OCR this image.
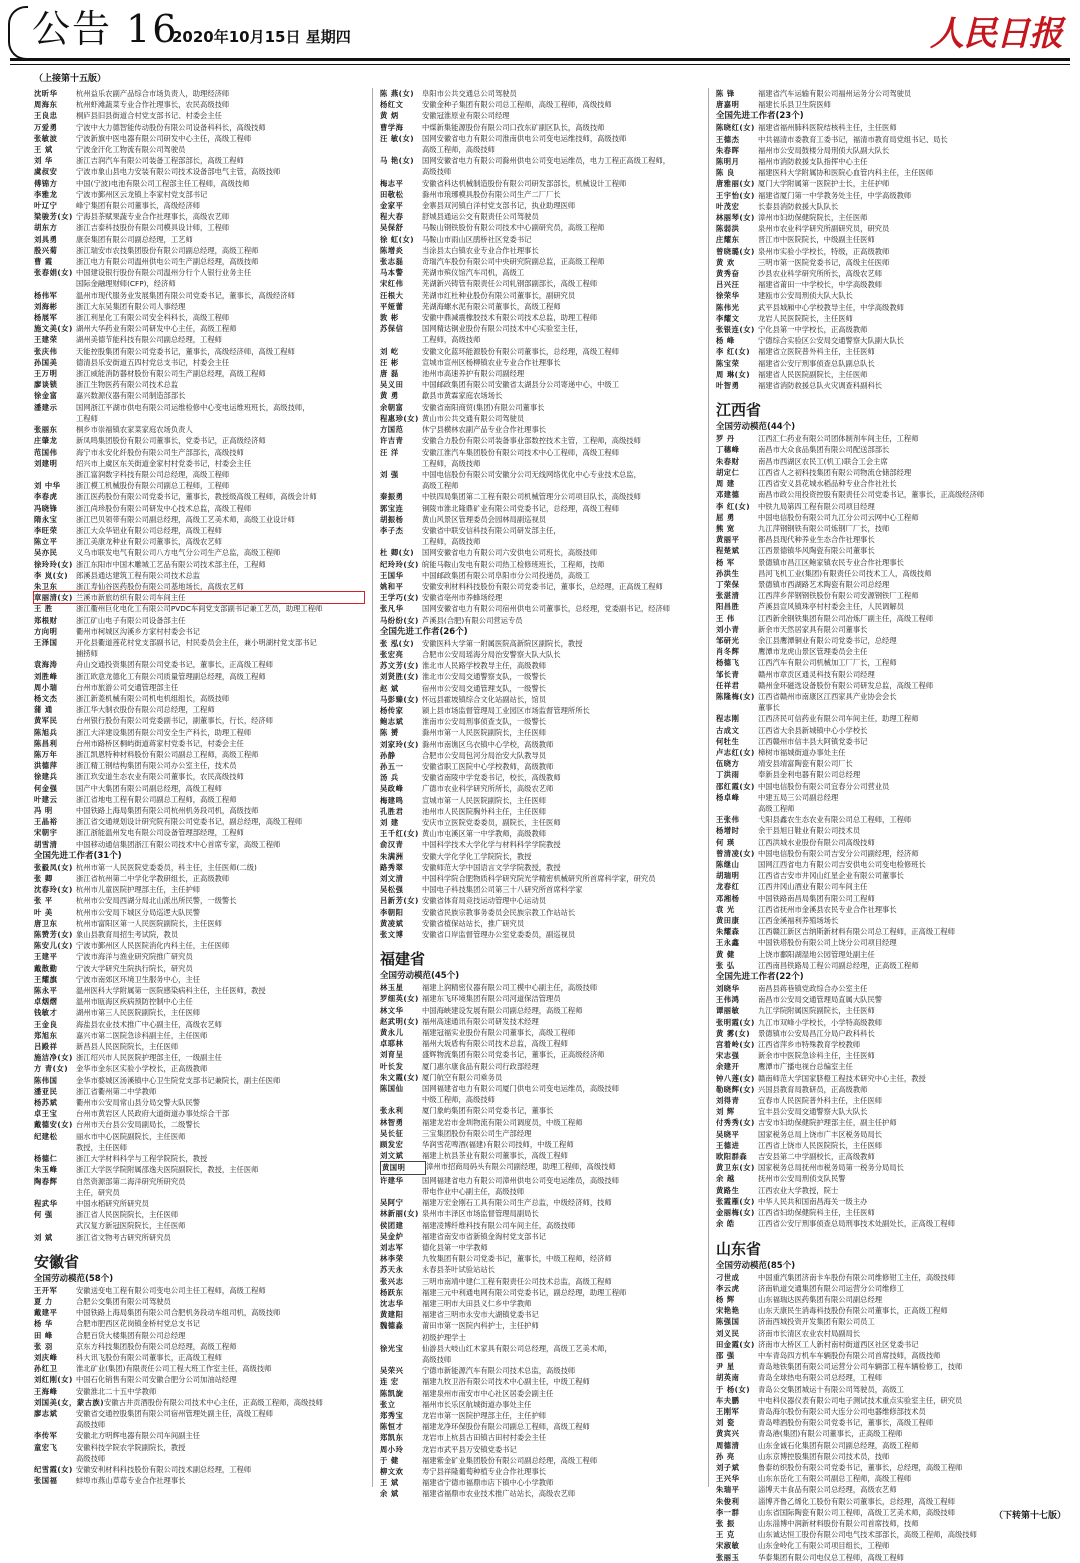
公告 16
2020年10月15日 星期四	人民日报
（上接第十五版）
沈昕华	杭州益乐农副产品综合市场负责人，助理经济师
周海东	杭州虾滩蔬菜专业合作社理事长，农民高级技师
王良忠	桐庐县旧县街道合村党支部书记、村委会主任
万爱勇	宁波中大力德智能传动股份有限公司设备科科长，高级技师
张敏波	宁波新旗中医电器有限公司研发中心主任，高级工程师
王 斌	宁波金汗化工物流有限公司驾驶员
刘 华	浙江吉润汽车有限公司装备工程部部长，高级工程师
虞叔安	宁波市象山县电力安装有限公司技术设备部电气主管，高级技师
傅锦方	中国(宁波)电池有限公司工程部主任工程师，高级技师
李雅龙	宁波市鄞州区云龙镇上李家村党支部书记
叶辽宁	峰宁集团有限公司董事长，高级经济师
梁骏芳(女) 宁海县茶赋果蔬专业合作社理事长，高级农艺师
胡东方	浙江吉泰科技股份有限公司模具设计师，工程师
刘具勇	康奈集团有限公司副总经理，工艺师
殷兴菊	浙江瑞安市农技集团股份有限公司副总经理，高级工程师
曹 霞	浙江电力有限公司温州供电公司生产副总经理，高级技师
张春娟(女) 中国建设银行股份有限公司温州分行个人银行业务主任
国际金融理财师(CFP)，经济师
杨伟军	温州市现代服务业发展集团有限公司党委书记，董事长，高级经济师
刘海彬	浙江大东吴集团有限公司人事经理
杨展军	浙江利星化工有限公司安全科科长，高级工程师
施文美(女) 湖州大华药业有限公司研发中心主任，高级工程师
王建荣	湖州美德节能科技有限公司副总经理，工程师
张庆伟	天能控股集团有限公司党委书记，董事长，高级经济师，高级工程师
孙国美	德清县乐安街道五四村党总支书记，村委会主任
王万明	浙江威能消防器材股份有限公司生产副总经理，高级工程师
廖谈锁	浙江生物医药有限公司技术总监
徐金富	嘉兴数源仪器有限公司制造部部长
潘建示	国网浙江平湖市供电有限公司运维检修中心变电运维班班长，高级技师，
工程师
张丽东	桐乡市崇福镇农家菜家庭农场负责人
庄肇龙	新凤鸣集团股份有限公司董事长，党委书记，正高级经济师
范国伟	海宁市永安化纤股份有限公司生产部部长，高级技师
刘建明	绍兴市上虞区东关街道金家村村党委书记，村委会主任
浙江富润数字科技有限公司总经理，高级工程师
刘 中华	浙江模工机械股份有限公司副总工程师，工程师
李春虎	浙江医药股份有限公司党委书记，董事长，教授级高级工程师，高级会计师
冯晓锋	浙江尚珍股份有限公司研发中心技术总监，高级工程师
隋永宝	浙江巴贝领带有限公司副总经理，高级工艺美术师，高级工业设计师
李旺荣	浙江大众华铝业有限公司总经理，高级工程师
陈立平	浙江美康龙种业有限公司董事长，高级农艺师
吴亦民	义乌市联发电气有限公司八方电气分公司生产总监，高级工程师
徐玲玲(女) 浙江东阳市中国木雕城工艺品有限公司技术部主任，工程师
李 岚(女)	郎溪县通达建筑工程有限公司技术总监
朱卫东	浙江寿仙谷医药股份有限公司基地场长，高级农艺师
章丽清(女) 兰溪市新旅纺织有限公司车间主任
王 胜	浙江衢州巨化电化工有限公司PVDC车间党支部副书记兼工艺员，助理工程师
郑根财	浙江矿山电子有限公司设备部主任
方向明	衢州市柯城区沟溪乡方家村村委会书记
王泽国	开化县衢道莲花村党支部副书记，村民委员会主任，兼小明湖村党支部书记
捕捞师
袁海涛	舟山交通投资集团有限公司党委书记，董事长，正高级工程师
刘胜峰	浙江欧意龙德化工有限公司质量管理副总经理，高级工程师
周小瑞	台州市旅游公司交通管理部主任
杨文杰	浙江新菱机械有限公司机电机组组长，高级技师
蒲 通	浙江华大制衣股份有限公司总经理，工程师
黄军民	台州银行股份有限公司党委副书记，副董事长，行长，经济师
陈旭兵	浙江大洋建设集团有限公司安全生产科长，助理工程师
陈昌利	台州市路桥区桐屿街道蒋家村党委书记，村委会主任
陈万年	浙江凯恩特种材料股份有限公司副总工程师，高级工程师
洪德萍	浙江精工钢结构集团有限公司办公室主任，技术员
徐建兵	浙江玖安道生态农业有限公司董事长，农民高级技师
何金强	国产中大集团有限公司副总经理，高级工程师
叶建云	浙江省地电工程有限公司副总工程师，高级工程师
冯 明	中国铁路上海局集团有限公司杭州机务段司机，高级技师
王晶裕	浙江省交通规划设计研究院有限公司党委书记，副总经理，高级工程师
宋朝宇	浙江浙能温州发电有限公司设备管理部经理，工程师
胡雪清	中国移动通信集团浙江有限公司技术中心首席专家，高级工程师
全国先进工作者(31个)
张毅凤(女) 杭州市第一人民医院党委委员，科主任，主任医师(二级)
张 卿	浙江省杭州第二中学化学教研组长，正高级教师
沈春玲(女) 杭州市儿童医院护理部主任，主任护师
张 平	杭州市公安局西湖分局北山派出所民警，一级警长
叶 美	杭州市公安局下城区分局巡逻大队民警
唐卫东	杭州市富阳区第一人民医院副院长，主任医师
陈赞芳(女) 象山县教育局招生考试院，教员
陈安儿(女) 宁波市鄞州区人民医院消化内科主任，主任医师
王建平	宁波市海洋与渔业研究院推广研究员
戴散勤	宁波大学研究生院执行院长，研究员
王耀旗	宁波市南郊区环境卫生服务中心，主任
陈永平	温州医科大学附属第一医院感染病科主任，主任医师，教授
卓烟熠	温州市瓯海区疾病预防控制中心主任
钱敏才	湖州市第三人民医院副院长，主任医师
王金良	海盐县农业技术推广中心副主任，高级农艺师
郑旭东	嘉兴市第二医院急诊科副主任，主任医师
吕殿祥	新昌县人民医院院长，主任医师
施洁净(女) 浙江绍兴市人民医院护理部主任，一级副主任
方 青(女)	金华市金东区实验小学校长，正高级教师
陈伟国	金华市婺城区汤溪镇中心卫生院党支部书记兼院长，副主任医师
潘亚民	浙江省衢州第二中学教师
杨苏斌	衢州市公安局常山县分局交警大队民警
卓王宝	台州市黄岩区人民政府大道街道办事处综合干部
戴德安(女) 台州市天台县公安局副局长，二级警长
纪建松	丽水市中心医院副院长，主任医师
教授，主任医师
杨德仁	浙江大学材料科学与工程学院院长，教授
朱玉峰	浙江大学医学院附属邵逸夫医院副院长，教授，主任医师
陶春辉	自然资源部第二海洋研究所研究员
主任，研究员
程武华	中国水稻研究所研究员
何 强	浙江省人民医院院长，主任医师
武汉复方新冠医院院长，主任医师
刘 斌	浙江省文物考古研究所研究员
安徽省
全国劳动模范(58个)
王开军	安徽送变电工程有限公司变电公司主任工程师，高级工程师
夏 力	合肥公交集团有限公司驾驶员
戴建平	中国铁路上海局集团有限公司合肥机务段动车组司机，高级技师
杨 华	合肥市肥西区花岗镇金桥村党总支书记
田 峰	合肥百货大楼集团有限公司总经理
张 羽	京东方科技集团股份有限公司总经理，高级工程师
刘庆峰	科大讯飞股份有限公司董事长，正高级工程师
孙红卫	淮北矿业(集团)有限责任公司工程大班工作室主任，高级技师
刘红刚(女) 中国石化销售有限公司安徽合肥分公司加油站经理
王海峰	安徽淮北二十五中学教师
刘国美(女，蒙古族) 安徽古井贡酒股份有限公司技术中心主任，正高级工程师，高级技师
廖志斌	安徽省交通控股集团有限公司宿州管理处副主任，高级工程师
高级技师
李传军	安徽北方明辉电器有限公司车间副主任
童宏飞	安徽科技学院农学院副院长，教授
高级技师
纪雪霞(女) 安徽安利材料科技股份有限公司技术副总经理，工程师
张国福	蚌埠市燕山草莓专业合作社理事长
陈 燕(女)	阜阳市公共交通总公司驾驶员
杨红文	安徽金种子集团有限公司总工程师，高级工程师，高级技师
黄 炳	安徽冠淮原业有限公司经理
曹学海	中煤新集能源股份有限公司口孜东矿副区队长，高级技师
汪 敏(女)	国网安徽省电力有限公司淮南供电公司变电运维技师，高级技师
高级工程师，高级技师
马 艳(女)	国网安徽省电力有限公司滁州供电公司变电运维员，电力工程正高级工程师，
高级技师
梅志平	安徽省科达机械制造股份有限公司研发部部长，机械设计工程师
田敬松	滁州市琅琊模具股份有限公司生产二厂厂长
金家平	金寨县双河镇白洋村党支部书记，执业助理医师
程大春	舒城县通运公交有限责任公司驾驶员
吴保舒	马鞍山钢铁股份有限公司技术中心副研究员，高级工程师
徐 虹(女)	马鞍山市雨山区鹃桥社区党委书记
陈增炎	当涂县太白镇农业专业合作社理事长
张志磊	奇瑞汽车股份有限公司中央研究院副总监，正高级工程师
马本警	芜湖市殡仪馆汽车司机，高级工
宋红伟	芜湖新兴铸管有限责任公司轧钢部副部长，高级工程师
汪根大	芜湖市红杜种业股份有限公司董事长，副研究员
平娅蕾	芜湖海螺水泥有限公司董事长，高级工程师
敦 彬	安徽中鼎减震橡胶技术有限公司技术总监，助理工程师
苏保信	国网精达铜业股份有限公司技术中心实验室主任，
工程师，高级技师
刘 屹	安徽文化蓝环能源股份有限公司董事长，总经理，高级工程师
汪 彬	宣城市宣州区杨柳镇农业专业合作社理事长
唐 磊	池州市高速养护有限公司副经理
吴义田	中国邮政集团有限公司安徽省太湖县分公司寄递中心，中级工
黄 勇	歙县市黄霖家庭农场场长
余朝富	安徽省南阳商贸(集团)有限公司董事长
程惠珍(女) 黄山市公共交通有限公司驾驶员
方国范	休宁县横林农副产品专业合作社理事长
许吉青	安徽合力股份有限公司装备事业部数控技术主管，工程师，高级技师
汪 洋	安徽江淮汽车集团股份有限公司技术中心工程师，高级工程师
工程师，高级技师
刘 强	中国电信股份有限公司安徽分公司无线网络优化中心专业技术总监，
高级工程师
秦振勇	中铁四局集团第二工程有限公司机械管理分公司项目队长，高级技师
郭宝连	铜陵市淮北隆鼎矿业有限公司党委书记，总经理，高级工程师
胡振杨	黄山风景区管理委员会园林局副巡视员
李子杰	安徽省中联安信科技有限公司研发部主任，
工程师，高级技师
杜 卿(女)	国网安徽省电力有限公司六安供电公司班长，高级技师
纪玲玲(女) 皖能马鞍山发电有限公司热工检修班班长，工程师，技师
王国华	中国邮政集团有限公司阜阳市分公司投递员，高级工
姚和平	安徽安利材料科技股份有限公司党委书记，董事长，总经理，正高级工程师
王学巧(女) 安徽省亳州市养蜂场经理
张凡华	国网安徽省电力有限公司宿州供电公司董事长，总经理，党委副书记，经济师
马纷纷(女) 芦溪县(合肥)有限公司营运专员
全国先进工作者(26个)
张 泓(女)	安徽医科大学第一附属医院高新院区副院长，教授
张宏亮	合肥市公安局瑶海分局治安警察大队大队长
苏文芳(女) 淮北市人民路学校教导主任，高级教师
刘贤胜(女) 淮北市公安局交通警察支队，一级警长
赵 斌	宿州市公安局交通管理支队，一级警长
马彭臻(女) 怀远县霍坡镇综合文化站副站长，馆员
杨传家	颍上县市场监督管理局工业园区市场监督管理所所长
鲍志斌	淮南市公安局刑事侦查支队，一级警长
陈 赟	滁州市第一人民医院副院长，主任医师
刘家玲(女) 滁州市南谯区乌衣镇中心学校，高级教师
孙静	合肥市公安局包河分局治安大队教导员
孙五一	安徽省职工医院中心学校教师，高级教师
汤 兵	安徽省南陵中学党委书记，校长，高级教师
吴政峰	广德市农业科学研究所所长，高级农艺师
梅建鸣	宣城市第一人民医院副院长，主任医师
孔胜君	池州市人民医院胸外科主任，主任医师
刘 建	安庆市立医院党委委员，副院长，主任医师
王千红(女) 黄山市屯溪区第一中学教师，高级教师
俞汉青	中国科学技术大学化学与材料科学学院教授
朱满洲	安徽大学化学化工学院院长，教授
路秀翠	安徽师范大学中国语言文学学院教授，教授
刘文清	中国科学院合肥物质科学研究院光学精密机械研究所首席科学家，研究员
吴松强	中国电子科技集团公司第三十八研究所首席科学家
吕新芳(女) 安徽省体育局竞技运动管理中心运动员
李朝阳	安徽省民族宗教事务委员会民族宗教工作站站长
黄凌斌	安徽省植保站站长，推广研究员
张文博	安徽省口岸监督管理办公室党委委员，副巡视员
福建省
全国劳动模范(45个)
林玉星	福建上润精密仪器有限公司工模中心副主任，高级技师
罗细英(女) 福建东飞环境集团有限公司河道保洁管理员
林文华	中国海峡建设发展有限公司副总经理，高级工程师
赵武明(女) 福州高速通讯有限公司研发技术经理
黄永儿	福建冠福实业股份有限公司董事长，高级工程师
卓耶林	福州大坂盾构有限公司技术总监，高级工程师
刘育呈	盛辉物流集团有限公司党委书记，董事长，正高级经济师
叶长发	厦门惠尔康食品有限公司行政部经理
朱文霞(女) 厦门航空有限公司乘务员
陈国仙	国网福建省电力有限公司厦门供电公司变电运维员，高级技师
中级工程师，高级技师
张永利	厦门象屿集团有限公司党委书记，董事长
林智勇	福建龙岩市金圳物流有限公司调度员，中级工程师
吴长征	三宝集团股份有限公司生产部经理
顾发宏	华润雪花啤酒(福建)有限公司技师，中级工程师
刘文斌	福建上杭县茶业有限公司董事长，高级工程师
黄国明	漳州市招商局码头有限公司副经理，助理工程师，高级技师
许建华	国网福建省电力有限公司漳州供电公司变电运维员，高级技师
带电作业中心副主任，高级技师
吴阿宁	福建万宏金刚石工具有限公司生产总监，中级经济师，技师
林新丽(女) 泉州市丰泽区市场监督管理局副局长
侯团建	福建凌博纤维科技有限公司车间主任，高级技师
吴金炉	福建省南安市省新镇金淘村党支部书记
刘志军	德化县第一中学教师
林李荣	九牧集团有限公司党委书记，董事长，中级工程师，经济师
苏天永	永春县茶叶试验站站长
张兴志	三明市南靖中建仁工程有限责任公司技术总监，高级工程师
杨跃东	福建三元中利通电网有限公司党委书记，副总经理，助理工程师
沈志华	福建三明市大田县义仁乡中学教师
黄建阳	福建省三明市永安市大湖镇党委书记
魏德淼	莆田市第一医院内科护士，主任护师
初级护理学士
徐光宝	仙游县大岐山红木家具有限公司总经理，高级工艺美术师，
高级技师
吴荣兴	宁德市新能源汽车有限公司技术总监，高级技师
连 宏	福建九牧卫浴有限公司技术中心副主任，中级工程师
陈凯旋	福建泉州市南安市中心社区居委会副主任
张立	福州市长乐区航城街道办事处主任
郑秀宝	龙岩市第一医院护理部主任，主任护师
陈恒才	福建龙净环保股份有限公司副总工程师，高级工程师
郑凯东	龙岩市上杭县古田镇古田村村委会主任
周小玲	龙岩市武平县万安镇党委书记
于 健	福建紫金矿业集团股份有限公司副总经理，高级工程师
柳文欢	寿宁县祥隆葡萄种植专业合作社理事长
王 斌	福建省宁德市福鼎市店下镇中心小学教师
余 斌	福建省福鼎市农业技术推广站站长，高级农艺师
陈 锋	福建省汽车运输有限公司福州运务分公司驾驶员
唐嘉明	福建长乐县卫生院医师
全国先进工作者(23个)
陈晓红(女) 福建省福州肺科医院结核科主任，主任医师
王德杰	中共福清市委教育工委书记，福清市教育局党组书记、局长
朱春晖	福州市公安局鼓楼分局刑侦大队副大队长
陈明月	福州市消防救援支队指挥中心主任
陈 良	福建医科大学附属协和医院心血管内科主任，主任医师
唐雅丽(女) 厦门大学附属第一医院护士长，主任护师
王宇怡(女) 福建省厦门第一中学教务处主任，中学高级教师
叶茂宏	长泰县消防救援大队队长
林丽琴(女) 漳州市妇幼保健院院长，主任医师
陈弱洪	泉州市农业科学研究所副研究员，研究员
庄耀东	晋江市中医院院长，中级副主任医师
曾晓璐(女) 泉州市实验小学校长，特级，正高级教师
黄 欢	三明市第一医院党委书记，高级主任医师
黄秀奋	沙县农业科学研究所所长，高级农艺师
吕兴汪	福建省莆田一中学校长，中学高级教师
徐荣华	建瓯市公安局刑侦大队大队长
陈伟光	武平县城厢中心学校教导主任，中学高级教师
李耀文	龙岩人民医院院长，主任医师
张银连(女) 宁化县第一中学校长，正高级教师
杨 峰	宁德综合实验区公安局交通警察大队副大队长
李 红(女)	福建省立医院普外科主任，主任医师
陈宝荣	福建省公安厅刑事侦查总队副总队长
周 琳(女)	福建省人民医院副院长，主任医师
叶智勇	福建省消防救援总队火灾调查科副科长
江西省
全国劳动模范(44个)
罗 丹	江西汇仁药业有限公司团体制剂车间主任，工程师
丁穗峰	南昌市大众食品集团有限公司配送部部长
朱春财	南昌市西湖区农民工(机工)联合工会主席
胡定仁	江西省人之初科技集团有限公司物流仓储部经理
周 建	江西省安义县花城水稻品种专业合作社社长
邓建德	南昌市政公用投资控股有限责任公司党委书记，董事长，正高级经济师
李 红(女)	中铁九局第四工程有限公司项目经理
屈 勇	中国电信股份有限公司九江分公司云网中心工程师
熊 宽	九江萍钢钢铁有限公司炼钢厂厂长，技师
黄丽平	都昌县现代种养业生态合作社理事长
程楚斌	江西景德镇华风陶瓷有限公司董事长
杨 军	景德镇市昌江区鲍家镇农民专业合作社理事长
孙洪生	昌河飞机工业(集团)有限责任公司技术工人，高级技师
丁荣保	景德镇市西湖路艺术陶瓷有限公司总经理
张湛清	江西萍乡萍钢钢铁股份有限公司安源钢铁厂工程师
阳昌胜	芦溪县宣风镇珠亭村村委会主任，人民调解员
王 伟	江西新余钢铁集团有限公司冶炼厂副主任，高级工程师
刘小青	新余市天然居家具有限公司董事长
邹研光	余江县鹰潭铜业有限公司党委书记，总经理
肖冬辉	鹰潭市龙虎山景区管理委员会主任
杨德飞	江西汽车有限公司机械加工厂厂长，工程师
邹长青	赣州市章贡区通灵科技有限公司经理
任祥君	赣州金环磁选设备股份有限公司研发总监，高级工程师
陈隆梅(女) 江西省赣州市南康区江西家具产业协会会长
董事长
程志刚	江西济民可信药业有限公司车间主任，助理工程师
古成文	江西省大余县新城镇中心小学校长
何牡生	江西赣州市信丰县大阿镇党委书记
卢志红(女) 樟树市福城街道办事处主任
伍晓方	靖安县靖富陶瓷有限公司厂长
丁洪雨	奉新县金利电器有限公司总经理
邵红霞(女) 中国电信股份有限公司宜春分公司营业员
杨卓峰	中建五局三公司副总经理
高级工程师
王张伟	弋阳县鑫农生态农业有限公司总工程师，工程师
杨增时	余干县旭日鞋业有限公司技术员
何 瑛	江西洪城水业股份有限公司高级技师
曾清凌(女) 中国电信股份有限公司吉安分公司副经理，经济师
陈继山	国网江西省电力有限公司吉安供电公司变电检修班长
胡瑞明	江西省吉安市井冈山红星企业有限公司董事长
龙春红	江西井冈山酒业有限公司车间主任
邓湘杨	中国铁路南昌局集团有限公司工程师
袁 光	江西省抚州市金溪县农民专业合作社理事长
黄田康	江西金溪福利养殖场场长
朱耀森	江西赣江新区吉纳斯新材料有限公司总工程师，正高级工程师
王永鑫	中国铁塔股份有限公司上饶分公司项目经理
黄 健	上饶市鄱阳湖湿地公园管理处副主任
张 弘	江西南昌铁路局工程公司副总经理，正高级工程师
全国先进工作者(22个)
刘晓华	南昌县蒋巷镇党政综合办公室主任
王伟鸿	南昌市公安局交通管理局直属大队民警
谭丽敏	九江学院附属医院副院长，主任医师
张明霞(女) 九江市双峰小学校长，小学特高级教师
黄 雾(女)	景德镇市公安局昌江分局户政科科长
宫着岭(女) 江西省萍乡市特殊教育学校教师
宋志强	新余市中医院急诊科主任，主任医师
余建开	鹰潭市广播电视台总编室主任
钟八莲(女) 赣南师范大学国家脐橙工程技术研究中心主任，教授
勒晓辉(女) 兴国县教育局教研员，正高级教师
刘得青	宜春市人民医院普外科主任，主任医师
刘 辉	宜丰县公安局交通警察大队大队长
付秀秀(女) 吉安市妇幼保健院护理部主任，副主任护师
吴晓平	国家税务总局上饶市广丰区税务局局长
王德进	江西省上饶市人民医院院长，主任医师
欧阳群森	吉安县第二中学副校长，正高级教师
黄卫东(女) 国家税务总局抚州市税务局第一税务分局局长
余 越	抚州市公安局刑侦支队民警
黄路生	江西农业大学教授，院士
张霞雁(女) 中华人民共和国南昌海关一级主办
金丽梅(女) 江西省妇幼保健院科主任，主任医师
余 皓	江西省公安厅刑事侦查总局刑事技术处副处长，正高级工程师
山东省
全国劳动模范(85个)
刁世成	中国重汽集团济南卡车股份有限公司维修钳工主任，高级技师
李云虎	济南轨道交通集团有限公司运营分公司维修工
杨 辉	山东福瑞达医药集团有限公司副总经理
宋艳艳	山东天康民生消毒科技股份有限公司董事长，正高级工程师
陈强国	济南西城投资开发集团有限公司员工
刘义民	济南市长清区农业农村局副局长
田金霞(女) 济南市大桥区工人新村南村街道西区社区党委书记
邵 强	中车青岛四方机车车辆股份有限公司首席技师，高级技师
尹 星	青岛地铁集团有限公司运营分公司车辆部工程车辆检修工，技师
胡英南	青岛全球热电有限公司总经理，工程师
于 杨(女)	青岛公交集团城运十有限公司驾驶员，高级工
车夫鹏	中电科仪器仪表有限公司电子测试技术重点实验室主任，研究员
王刚军	青岛海尔股份有限公司大连分公司电器维修部技术员
刘 瓷	青岛啤酒股份有限公司党委书记，董事长，高级工程师
黄宾兴	青岛港(集团)有限公司董事长，正高级工程师
周德清	山东金诚石化集团有限公司副总经理，高级工程师
孙 亮	山东京博控股集团有限公司技术员，技师
刘子斌	鲁泰纺织股份有限公司党委书记，董事长，总经理，高级工程师
王兴华	山东东岳化工有限公司副总工程师，高级工程师
朱瑞平	淄博天丰食品有限公司总经理，高级农艺师
朱俊利	淄博齐鲁乙烯化工股份有限公司董事长，总经理，高级工程师
李一群	山东省国际陶瓷有限公司工程师，高级工艺美术师，高级技师
张 振	山东淄博中润新材料股份有限公司首席技师，技师
王 克	山东诚达恒工股份有限公司电气技术部部长，高级工程师，高级技师
宋淑敏	山东金岭化工有限公司项目组长，工程师
张丽玉	华泰集团有限公司电仪总工程师，高级工程师
（下转第十七版）
